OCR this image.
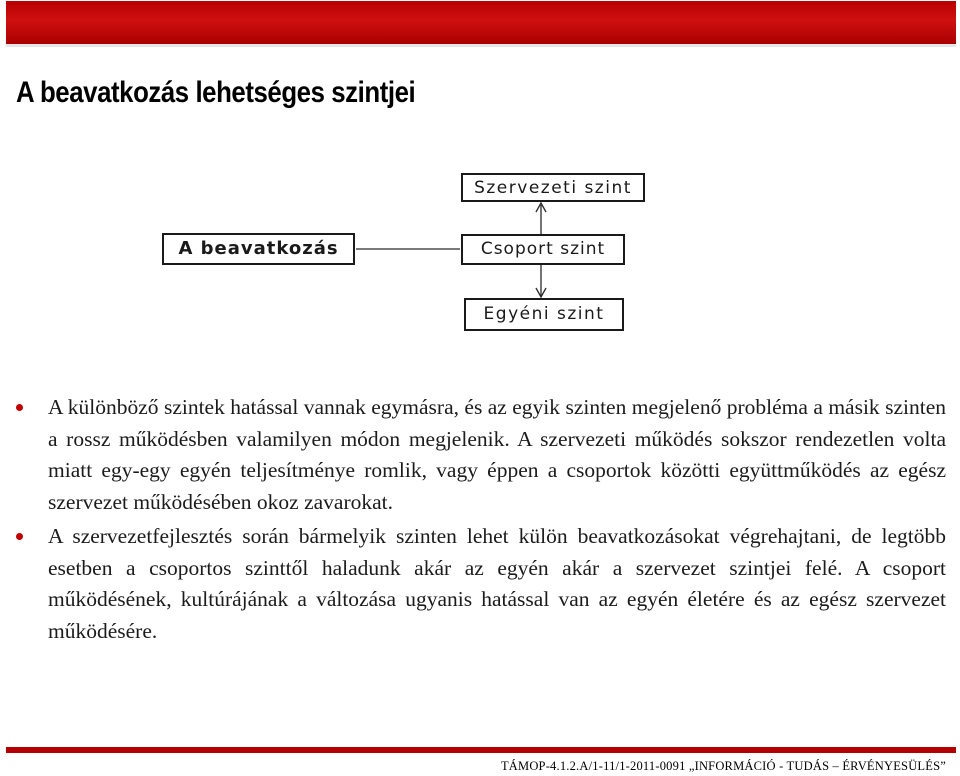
A beavatkozás lehetséges szintjei
A beavatkozás
Szervezeti szint
Csoport szint
Egyéni szint
A különböző szintek hatással vannak egymásra, és az egyik szinten megjelenő probléma a másik szinten a rossz működésben valamilyen módon megjelenik. A szervezeti működés sokszor rendezetlen volta miatt egy-egy egyén teljesítménye romlik, vagy éppen a csoportok közötti együttműködés az egész szervezet működésében okoz zavarokat.
A szervezetfejlesztés során bármelyik szinten lehet külön beavatkozásokat végrehajtani, de legtöbb esetben a csoportos szinttől haladunk akár az egyén akár a szervezet szintjei felé. A csoport működésének, kultúrájának a változása ugyanis hatással van az egyén életére és az egész szervezet működésére.
TÁMOP-4.1.2.A/1-11/1-2011-0091 „INFORMÁCIÓ - TUDÁS – ÉRVÉNYESÜLÉS”
